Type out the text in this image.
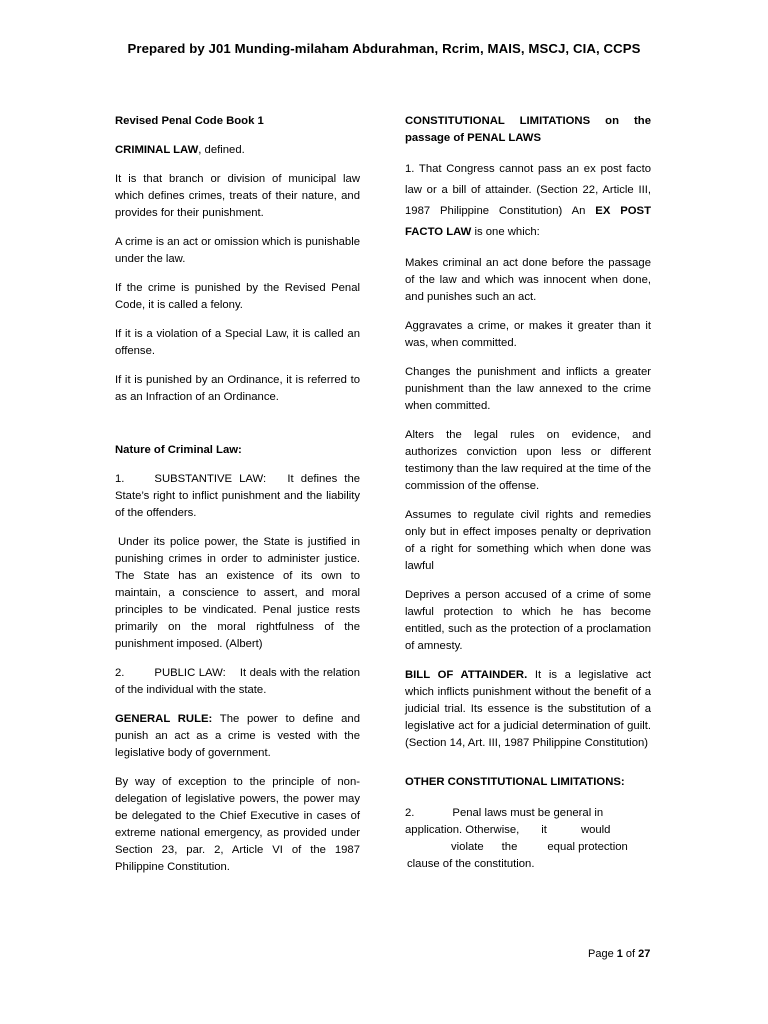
Prepared by J01 Munding-milaham Abdurahman, Rcrim, MAIS, MSCJ, CIA, CCPS

Revised Penal Code Book 1

CRIMINAL LAW, defined.

It is that branch or division of municipal law which defines crimes, treats of their nature, and provides for their punishment.

A crime is an act or omission which is punishable under the law.

If the crime is punished by the Revised Penal Code, it is called a felony.

If it is a violation of a Special Law, it is called an offense.

If it is punished by an Ordinance, it is referred to as an Infraction of an Ordinance.

Nature of Criminal Law:

1.	SUBSTANTIVE LAW: It defines the State’s right to inflict punishment and the liability of the offenders.

Under its police power, the State is justified in punishing crimes in order to administer justice. The State has an existence of its own to maintain, a conscience to assert, and moral principles to be vindicated. Penal justice rests primarily on the moral rightfulness of the punishment imposed. (Albert)

2.	PUBLIC LAW: It deals with the relation of the individual with the state.

GENERAL RULE: The power to define and punish an act as a crime is vested with the legislative body of government.

By way of exception to the principle of non-delegation of legislative powers, the power may be delegated to the Chief Executive in cases of extreme national emergency, as provided under Section 23, par. 2, Article VI of the 1987 Philippine Constitution.

CONSTITUTIONAL LIMITATIONS on the
passage of PENAL LAWS

1. That Congress cannot pass an ex post facto law or a bill of attainder. (Section 22, Article III, 1987 Philippine Constitution) An EX POST FACTO LAW is one which:

Makes criminal an act done before the passage of the law and which was innocent when done, and punishes such an act.

Aggravates a crime, or makes it greater than it was, when committed.

Changes the punishment and inflicts a greater punishment than the law annexed to the crime when committed.

Alters the legal rules on evidence, and authorizes conviction upon less or different testimony than the law required at the time of the commission of the offense.

Assumes to regulate civil rights and remedies only but in effect imposes penalty or deprivation of a right for something which when done was lawful

Deprives a person accused of a crime of some lawful protection to which he has become entitled, such as the protection of a proclamation of amnesty.

BILL OF ATTAINDER. It is a legislative act which inflicts punishment without the benefit of a judicial trial. Its essence is the substitution of a legislative act for a judicial determination of guilt. (Section 14, Art. III, 1987 Philippine Constitution)

OTHER CONSTITUTIONAL LIMITATIONS:

2.	Penal laws must be general in
application. Otherwise, it	would
violate the	equal protection
clause of the constitution.
Page 1 of 27
